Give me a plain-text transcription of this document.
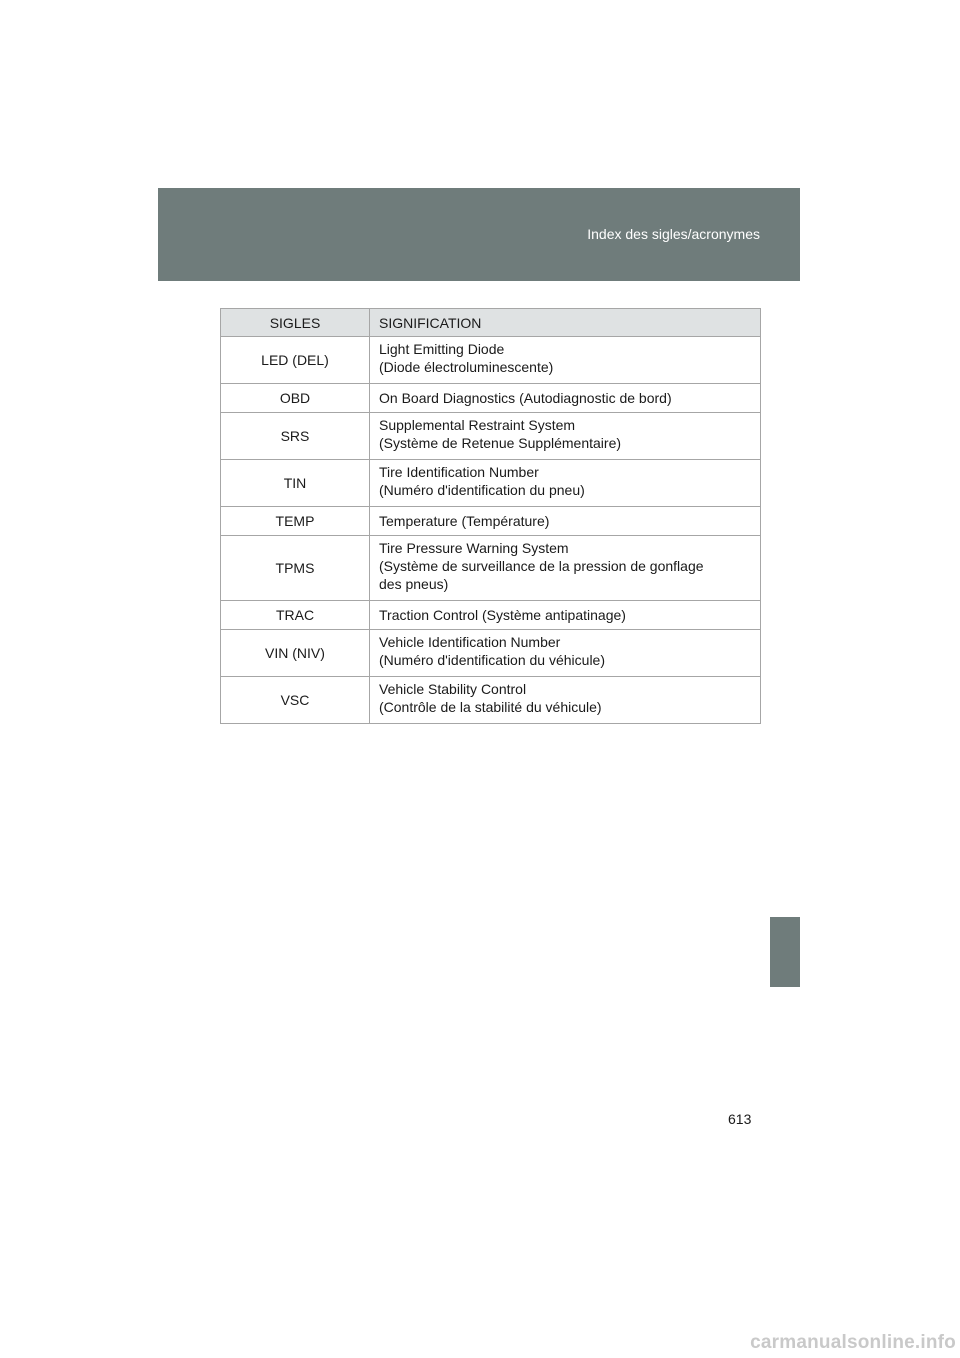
Index des sigles/acronymes
SIGLES	SIGNIFICATION
LED (DEL)	Light Emitting Diode
(Diode électroluminescente)

OBD	On Board Diagnostics (Autodiagnostic de bord)

SRS	Supplemental Restraint System
(Système de Retenue Supplémentaire)

TIN	Tire Identification Number
(Numéro d'identification du pneu)

TEMP	Temperature (Température)

TPMS	Tire Pressure Warning System
(Système de surveillance de la pression de gonflage
des pneus)

TRAC	Traction Control (Système antipatinage)

VIN (NIV)	Vehicle Identification Number
(Numéro d'identification du véhicule)

VSC	Vehicle Stability Control
(Contrôle de la stabilité du véhicule)
613
carmanualsonline.info
